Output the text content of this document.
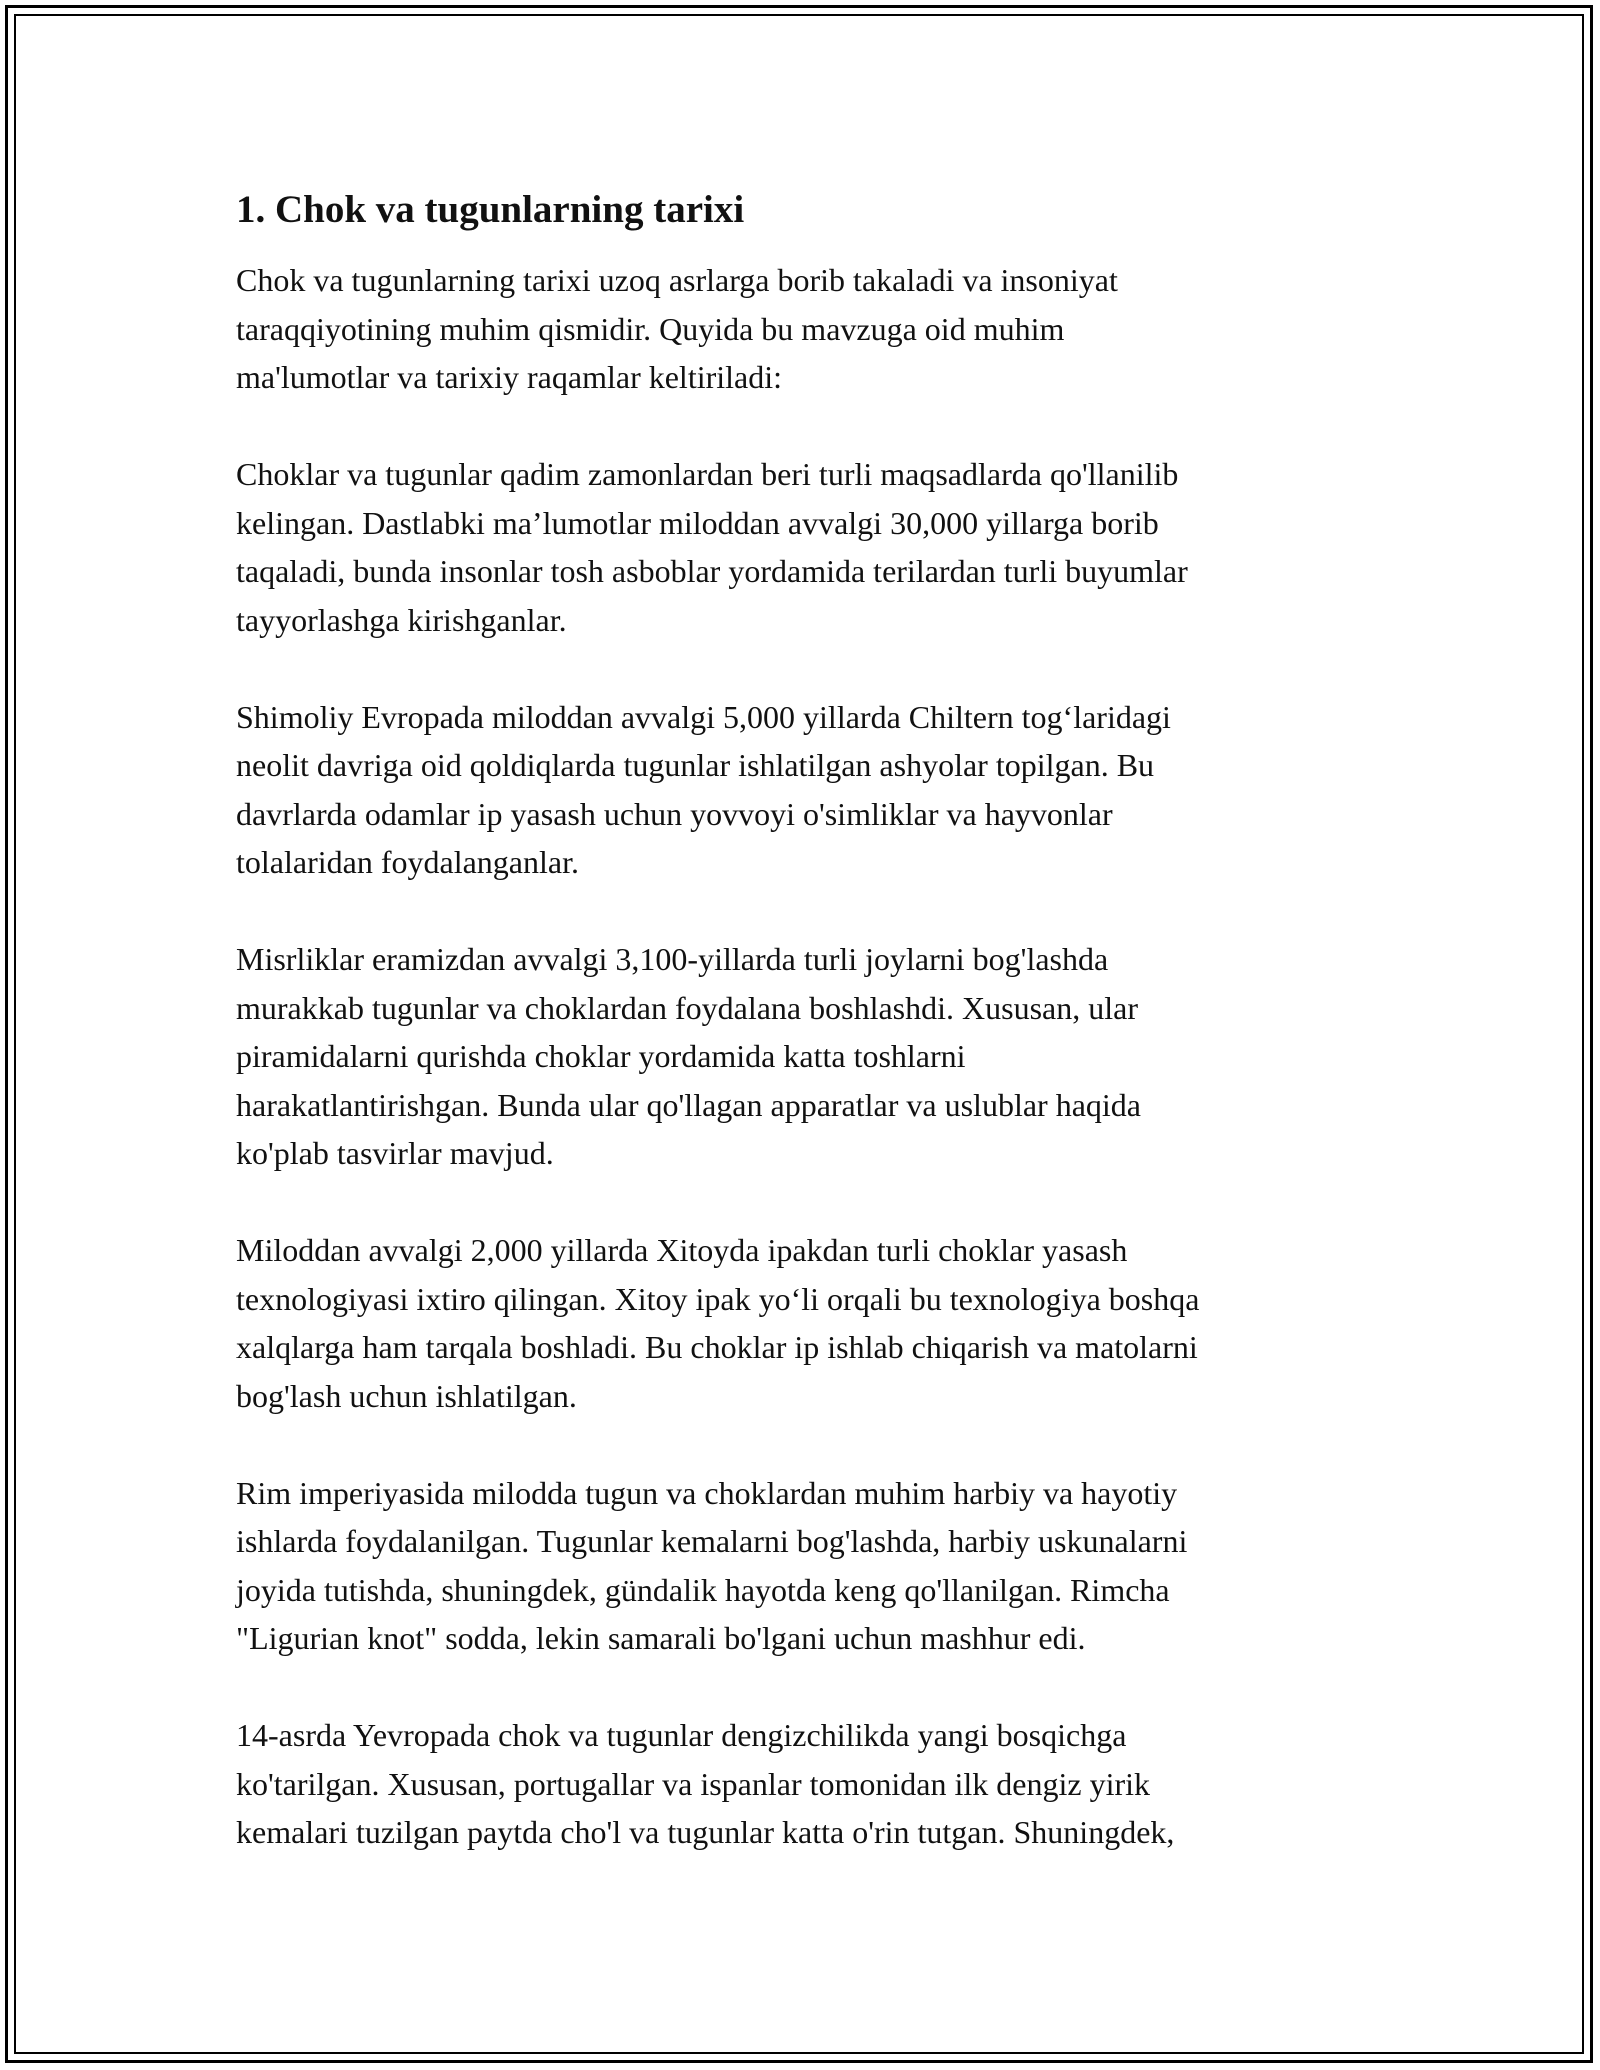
1. Chok va tugunlarning tarixi

Chok va tugunlarning tarixi uzoq asrlarga borib takaladi va insoniyat
taraqqiyotining muhim qismidir. Quyida bu mavzuga oid muhim
ma'lumotlar va tarixiy raqamlar keltiriladi:

Choklar va tugunlar qadim zamonlardan beri turli maqsadlarda qo'llanilib
kelingan. Dastlabki ma’lumotlar miloddan avvalgi 30,000 yillarga borib
taqaladi, bunda insonlar tosh asboblar yordamida terilardan turli buyumlar
tayyorlashga kirishganlar.

Shimoliy Evropada miloddan avvalgi 5,000 yillarda Chiltern tog‘laridagi
neolit davriga oid qoldiqlarda tugunlar ishlatilgan ashyolar topilgan. Bu
davrlarda odamlar ip yasash uchun yovvoyi o'simliklar va hayvonlar
tolalaridan foydalanganlar.

Misrliklar eramizdan avvalgi 3,100-yillarda turli joylarni bog'lashda
murakkab tugunlar va choklardan foydalana boshlashdi. Xususan, ular
piramidalarni qurishda choklar yordamida katta toshlarni
harakatlantirishgan. Bunda ular qo'llagan apparatlar va uslublar haqida
ko'plab tasvirlar mavjud.

Miloddan avvalgi 2,000 yillarda Xitoyda ipakdan turli choklar yasash
texnologiyasi ixtiro qilingan. Xitoy ipak yo‘li orqali bu texnologiya boshqa
xalqlarga ham tarqala boshladi. Bu choklar ip ishlab chiqarish va matolarni
bog'lash uchun ishlatilgan.

Rim imperiyasida milodda tugun va choklardan muhim harbiy va hayotiy
ishlarda foydalanilgan. Tugunlar kemalarni bog'lashda, harbiy uskunalarni
joyida tutishda, shuningdek, gündalik hayotda keng qo'llanilgan. Rimcha
"Ligurian knot" sodda, lekin samarali bo'lgani uchun mashhur edi.

14-asrda Yevropada chok va tugunlar dengizchilikda yangi bosqichga
ko'tarilgan. Xususan, portugallar va ispanlar tomonidan ilk dengiz yirik
kemalari tuzilgan paytda cho'l va tugunlar katta o'rin tutgan. Shuningdek,
